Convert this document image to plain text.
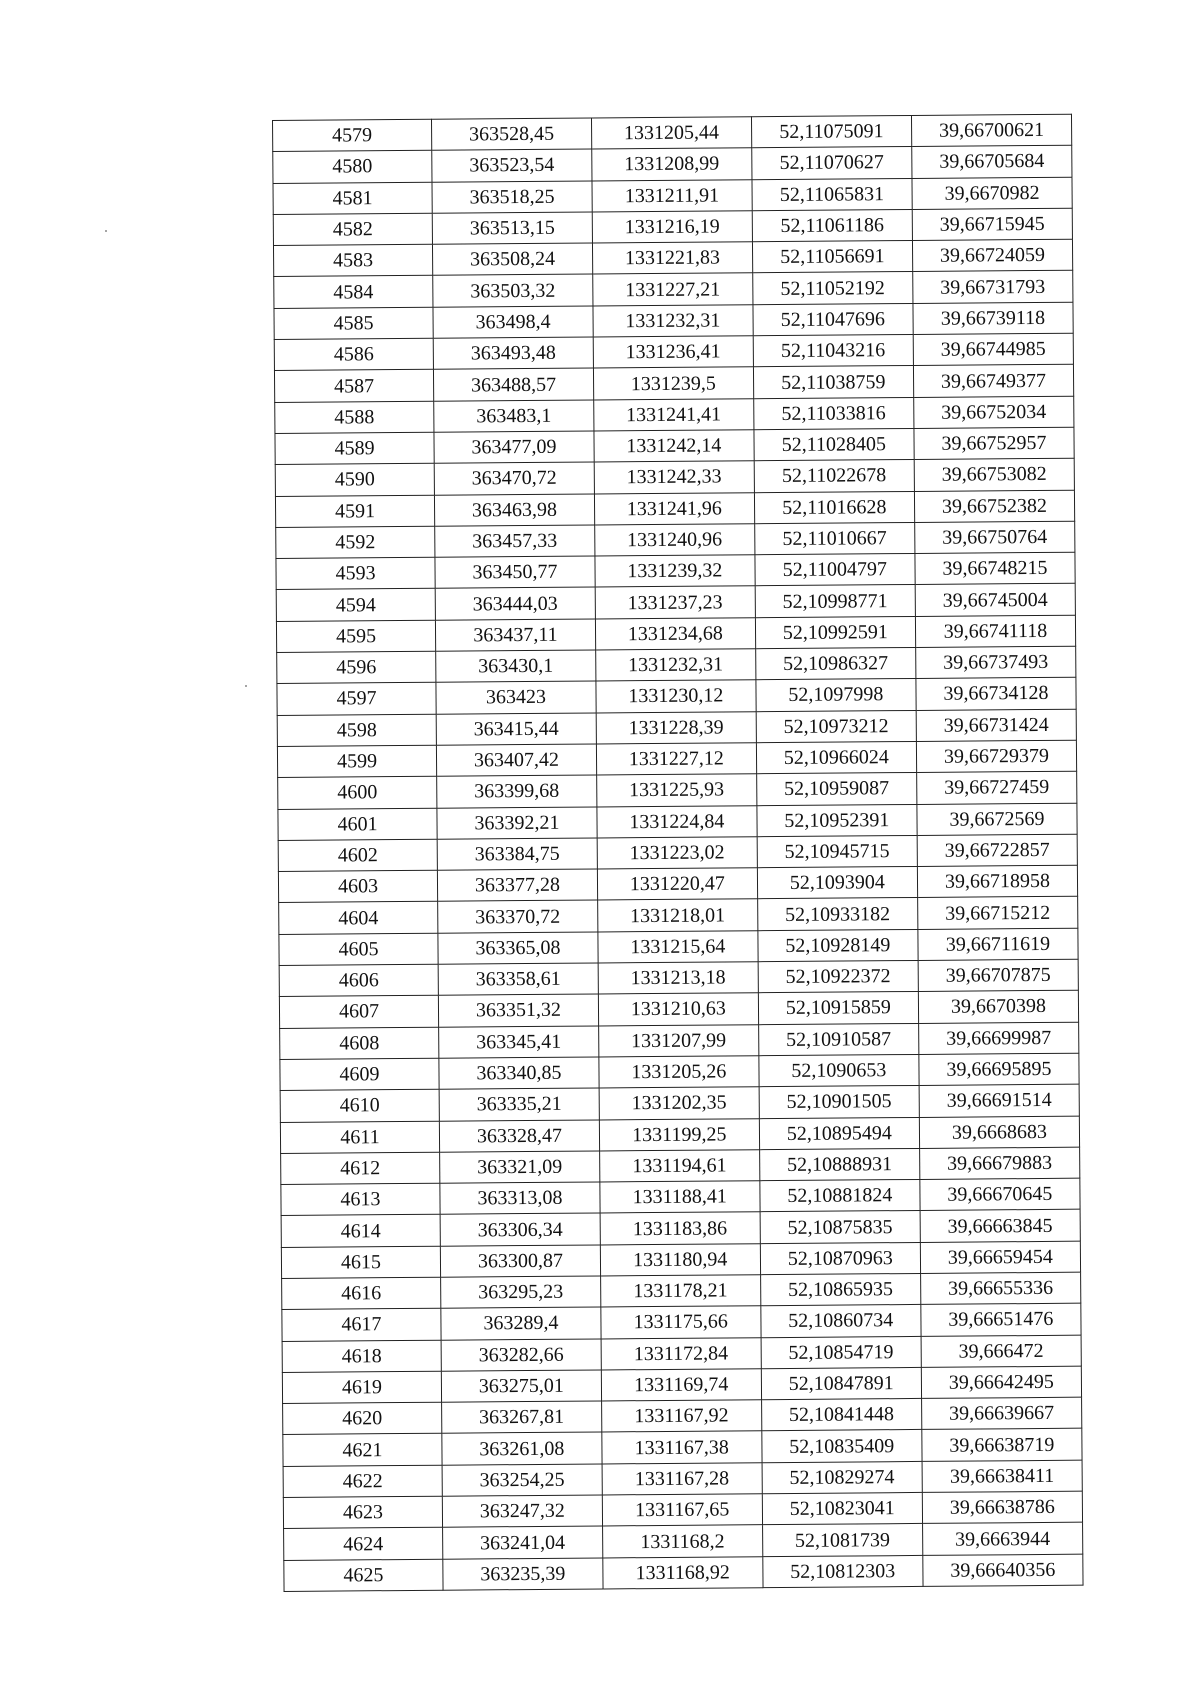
4579	363528,45	1331205,44	52,11075091	39,66700621
4580	363523,54	1331208,99	52,11070627	39,66705684
4581	363518,25	1331211,91	52,11065831	39,6670982
4582	363513,15	1331216,19	52,11061186	39,66715945
4583	363508,24	1331221,83	52,11056691	39,66724059
4584	363503,32	1331227,21	52,11052192	39,66731793
4585	363498,4	1331232,31	52,11047696	39,66739118
4586	363493,48	1331236,41	52,11043216	39,66744985
4587	363488,57	1331239,5	52,11038759	39,66749377
4588	363483,1	1331241,41	52,11033816	39,66752034
4589	363477,09	1331242,14	52,11028405	39,66752957
4590	363470,72	1331242,33	52,11022678	39,66753082
4591	363463,98	1331241,96	52,11016628	39,66752382
4592	363457,33	1331240,96	52,11010667	39,66750764
4593	363450,77	1331239,32	52,11004797	39,66748215
4594	363444,03	1331237,23	52,10998771	39,66745004
4595	363437,11	1331234,68	52,10992591	39,66741118
4596	363430,1	1331232,31	52,10986327	39,66737493
4597	363423	1331230,12	52,1097998	39,66734128
4598	363415,44	1331228,39	52,10973212	39,66731424
4599	363407,42	1331227,12	52,10966024	39,66729379
4600	363399,68	1331225,93	52,10959087	39,66727459
4601	363392,21	1331224,84	52,10952391	39,6672569
4602	363384,75	1331223,02	52,10945715	39,66722857
4603	363377,28	1331220,47	52,1093904	39,66718958
4604	363370,72	1331218,01	52,10933182	39,66715212
4605	363365,08	1331215,64	52,10928149	39,66711619
4606	363358,61	1331213,18	52,10922372	39,66707875
4607	363351,32	1331210,63	52,10915859	39,6670398
4608	363345,41	1331207,99	52,10910587	39,66699987
4609	363340,85	1331205,26	52,1090653	39,66695895
4610	363335,21	1331202,35	52,10901505	39,66691514
4611	363328,47	1331199,25	52,10895494	39,6668683
4612	363321,09	1331194,61	52,10888931	39,66679883
4613	363313,08	1331188,41	52,10881824	39,66670645
4614	363306,34	1331183,86	52,10875835	39,66663845
4615	363300,87	1331180,94	52,10870963	39,66659454
4616	363295,23	1331178,21	52,10865935	39,66655336
4617	363289,4	1331175,66	52,10860734	39,66651476
4618	363282,66	1331172,84	52,10854719	39,666472
4619	363275,01	1331169,74	52,10847891	39,66642495
4620	363267,81	1331167,92	52,10841448	39,66639667
4621	363261,08	1331167,38	52,10835409	39,66638719
4622	363254,25	1331167,28	52,10829274	39,66638411
4623	363247,32	1331167,65	52,10823041	39,66638786
4624	363241,04	1331168,2	52,1081739	39,6663944
4625	363235,39	1331168,92	52,10812303	39,66640356
